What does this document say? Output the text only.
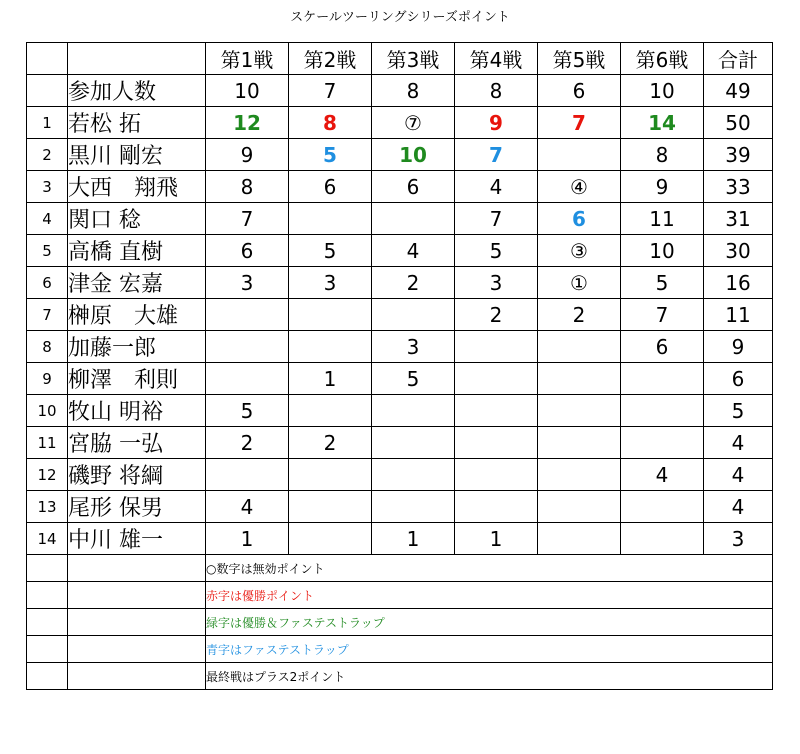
スケールツーリングシリーズポイント
		第1戦	第2戦	第3戦	第4戦	第5戦	第6戦	合計
	参加人数	10	7	8	8	6	10	49
1	若松 拓	12	8	⑦	9	7	14	50
2	黒川 剛宏	9	5	10	7		8	39
3	大西　翔飛	8	6	6	4	④	9	33
4	関口 稔	7			7	6	11	31
5	高橋 直樹	6	5	4	5	③	10	30
6	津金 宏嘉	3	3	2	3	①	5	16
7	榊原　大雄				2	2	7	11
8	加藤一郎			3			6	9
9	柳澤　利則		1	5				6
10	牧山 明裕	5						5
11	宮脇 一弘	2	2					4
12	磯野 将綱						4	4
13	尾形 保男	4						4
14	中川 雄一	1		1	1			3
		○数字は無効ポイント						
		赤字は優勝ポイント						
		緑字は優勝＆ファステストラップ						
		青字はファステストラップ						
		最終戦はプラス2ポイント						
